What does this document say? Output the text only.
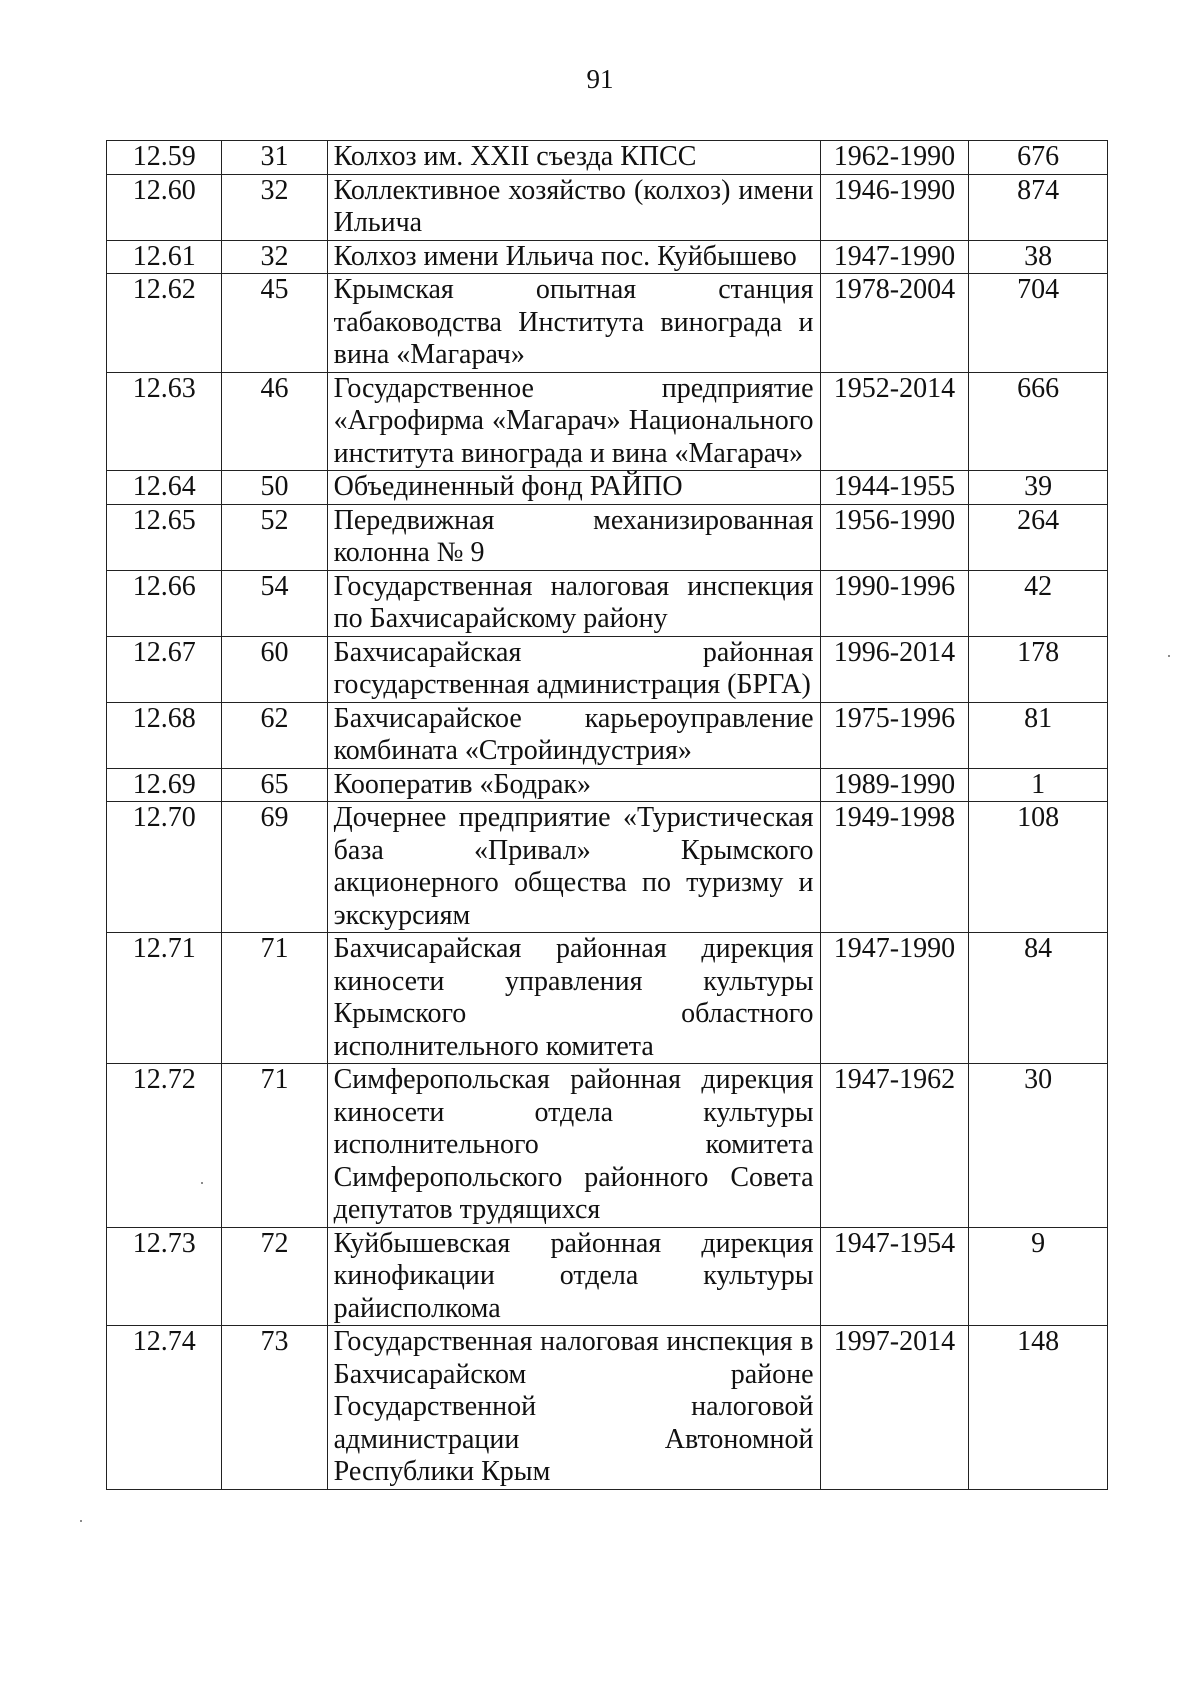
91
12.59	31	Колхоз им. XXII съезда КПСС	1962-1990	676
12.60	32	Коллективное хозяйство (колхоз) имени Ильича	1946-1990	874
12.61	32	Колхоз имени Ильича пос. Куйбышево	1947-1990	38
12.62	45	Крымская опытная станция табаководства Института винограда и вина «Магарач»	1978-2004	704
12.63	46	Государственное предприятие «Агрофирма «Магарач» Национального института винограда и вина «Магарач»	1952-2014	666
12.64	50	Объединенный фонд РАЙПО	1944-1955	39
12.65	52	Передвижная механизированная колонна № 9	1956-1990	264
12.66	54	Государственная налоговая инспекция по Бахчисарайскому району	1990-1996	42
12.67	60	Бахчисарайская районная государственная администрация (БРГА)	1996-2014	178
12.68	62	Бахчисарайское карьероуправление комбината «Стройиндустрия»	1975-1996	81
12.69	65	Кооператив «Бодрак»	1989-1990	1
12.70	69	Дочернее предприятие «Туристическая база «Привал» Крымского акционерного общества по туризму и экскурсиям	1949-1998	108
12.71	71	Бахчисарайская районная дирекция киносети управления культуры Крымского областного исполнительного комитета	1947-1990	84
12.72	71	Симферопольская районная дирекция киносети отдела культуры исполнительного комитета Симферопольского районного Совета депутатов трудящихся	1947-1962	30
12.73	72	Куйбышевская районная дирекция кинофикации отдела культуры райисполкома	1947-1954	9
12.74	73	Государственная налоговая инспекция в Бахчисарайском районе Государственной налоговой администрации Автономной Республики Крым	1997-2014	148
